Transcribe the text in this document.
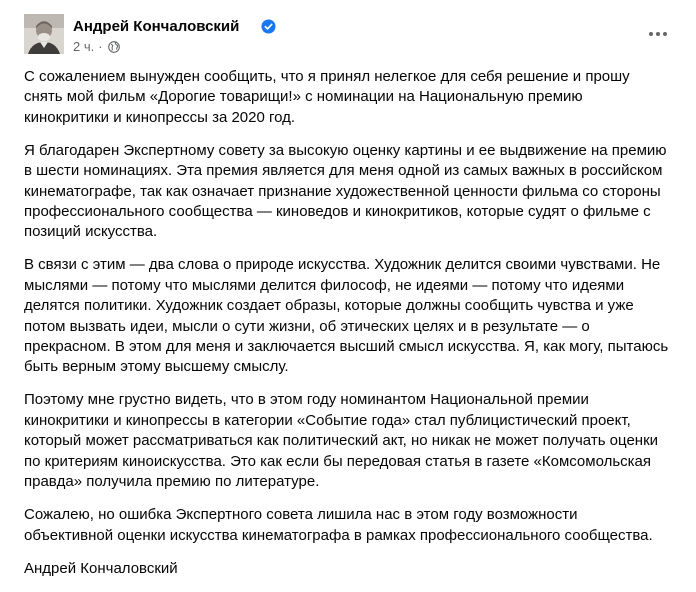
Андрей Кончаловский
2 ч. ·

С сожалением вынужден сообщить, что я принял нелегкое для себя решение и прошу
снять мой фильм «Дорогие товарищи!» с номинации на Национальную премию
кинокритики и кинопрессы за 2020 год.

Я благодарен Экспертному совету за высокую оценку картины и ее выдвижение на премию
в шести номинациях. Эта премия является для меня одной из самых важных в российском
кинематографе, так как означает признание художественной ценности фильма со стороны
профессионального сообщества — киноведов и кинокритиков, которые судят о фильме с
позиций искусства.

В связи с этим — два слова о природе искусства. Художник делится своими чувствами. Не
мыслями — потому что мыслями делится философ, не идеями — потому что идеями
делятся политики. Художник создает образы, которые должны сообщить чувства и уже
потом вызвать идеи, мысли о сути жизни, об этических целях и в результате — о
прекрасном. В этом для меня и заключается высший смысл искусства. Я, как могу, пытаюсь
быть верным этому высшему смыслу.

Поэтому мне грустно видеть, что в этом году номинантом Национальной премии
кинокритики и кинопрессы в категории «Событие года» стал публицистический проект,
который может рассматриваться как политический акт, но никак не может получать оценки
по критериям киноискусства. Это как если бы передовая статья в газете «Комсомольская
правда» получила премию по литературе.

Сожалею, но ошибка Экспертного совета лишила нас в этом году возможности
объективной оценки искусства кинематографа в рамках профессионального сообщества.

Андрей Кончаловский
